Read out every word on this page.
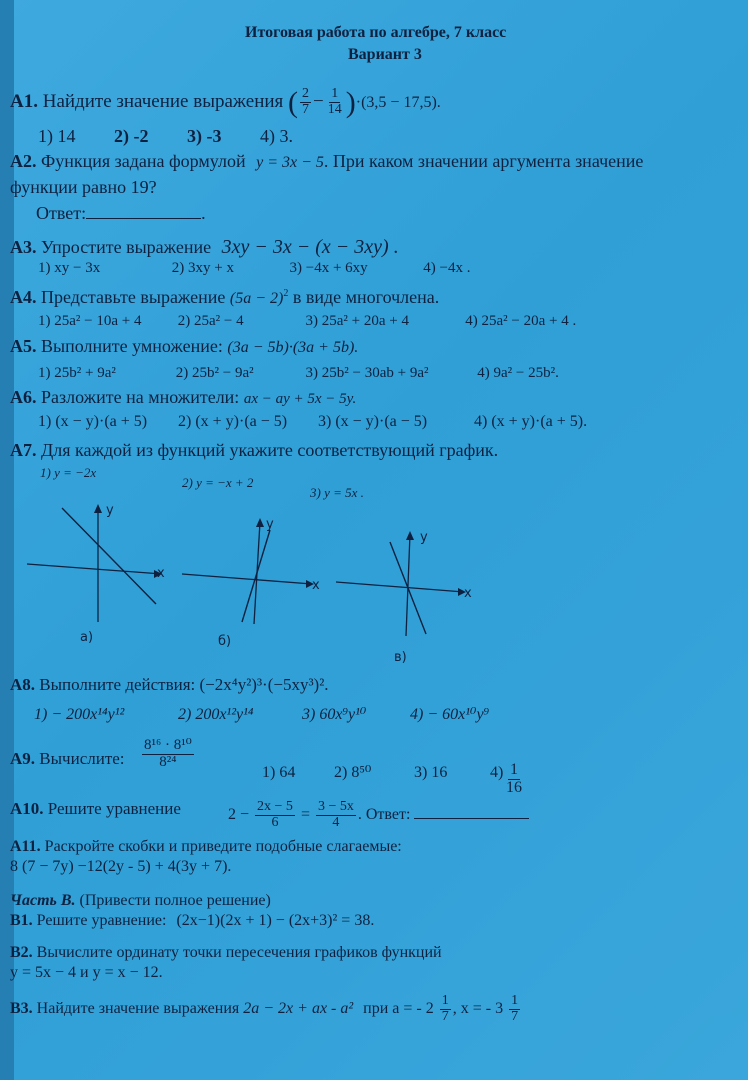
Итоговая работа по алгебре, 7 класс
Вариант 3
A1. Найдите значение выражения ( $\frac{2}{7} - \frac{1}{14} )\cdot(3,5 - 17,5)$.
1) 14 2) -2 3) -3 4) 3.
A2. Функция задана формулой y = 3x − 5. При каком значении аргумента значение
функции равно 19?
Ответ:	.
A3. Упростите выражение 3xy − 3x − (x − 3xy) .
1) xy − 3x	2) 3xy + x	3) −4x + 6xy	4) −4x .
A4. Представьте выражение $(5a - 2)^2$ в виде многочлена.
1) 25a² − 10a + 4 2) 25a² − 4	3) 25a² + 20a + 4	4) 25a² − 20a + 4 .
A5. Выполните умножение: (3a − 5b)·(3a + 5b).
1) 25b² + 9a²	2) 25b² − 9a²	3) 25b² − 30ab + 9a²	4) 9a² − 25b².
A6. Разложите на множители: ax − ay + 5x − 5y.
1) (x − y)·(a + 5) 2) (x + y)·(a − 5) 3) (x − y)·(a − 5)	4) (x + y)·(a + 5).
A7. Для каждой из функций укажите соответствующий график.
1) y = −2x
2) y = −x + 2
3) y = 5x .
y
x
а)
y
x
б)
y
x
в)
A8. Выполните действия: (−2x⁴y²)³·(−5xy³)².
1) − 200x¹⁴y¹²	2) 200x¹²y¹⁴	3) 60x⁹y¹⁰	4) − 60x¹⁰y⁹
A9. Вычислите: $\frac{\text{8¹⁶ · 8¹⁰}}{\text{8²⁴}}$
1) 64 2) 8⁵⁰	3) 16	$4) \frac{1}{16}$
A10. Решите уравнение	$2 - \frac{2x - 5}{6} = \frac{3 - 5x}{4}$ . Ответ:
A11. Раскройте скобки и приведите подобные слагаемые:
8 (7 − 7y) −12(2y - 5) + 4(3y + 7).
Часть В. (Привести полное решение)
B1. Решите уравнение: (2x−1)(2x + 1) − (2x+3)² = 38.
B2. Вычислите ординату точки пересечения графиков функций
y = 5x − 4 и y = x − 12.
B3. Найдите значение выражения 2a − 2x + ax - a² при a = - $2 \frac{1}{7}$ , x = - $3 \frac{1}{7}$
